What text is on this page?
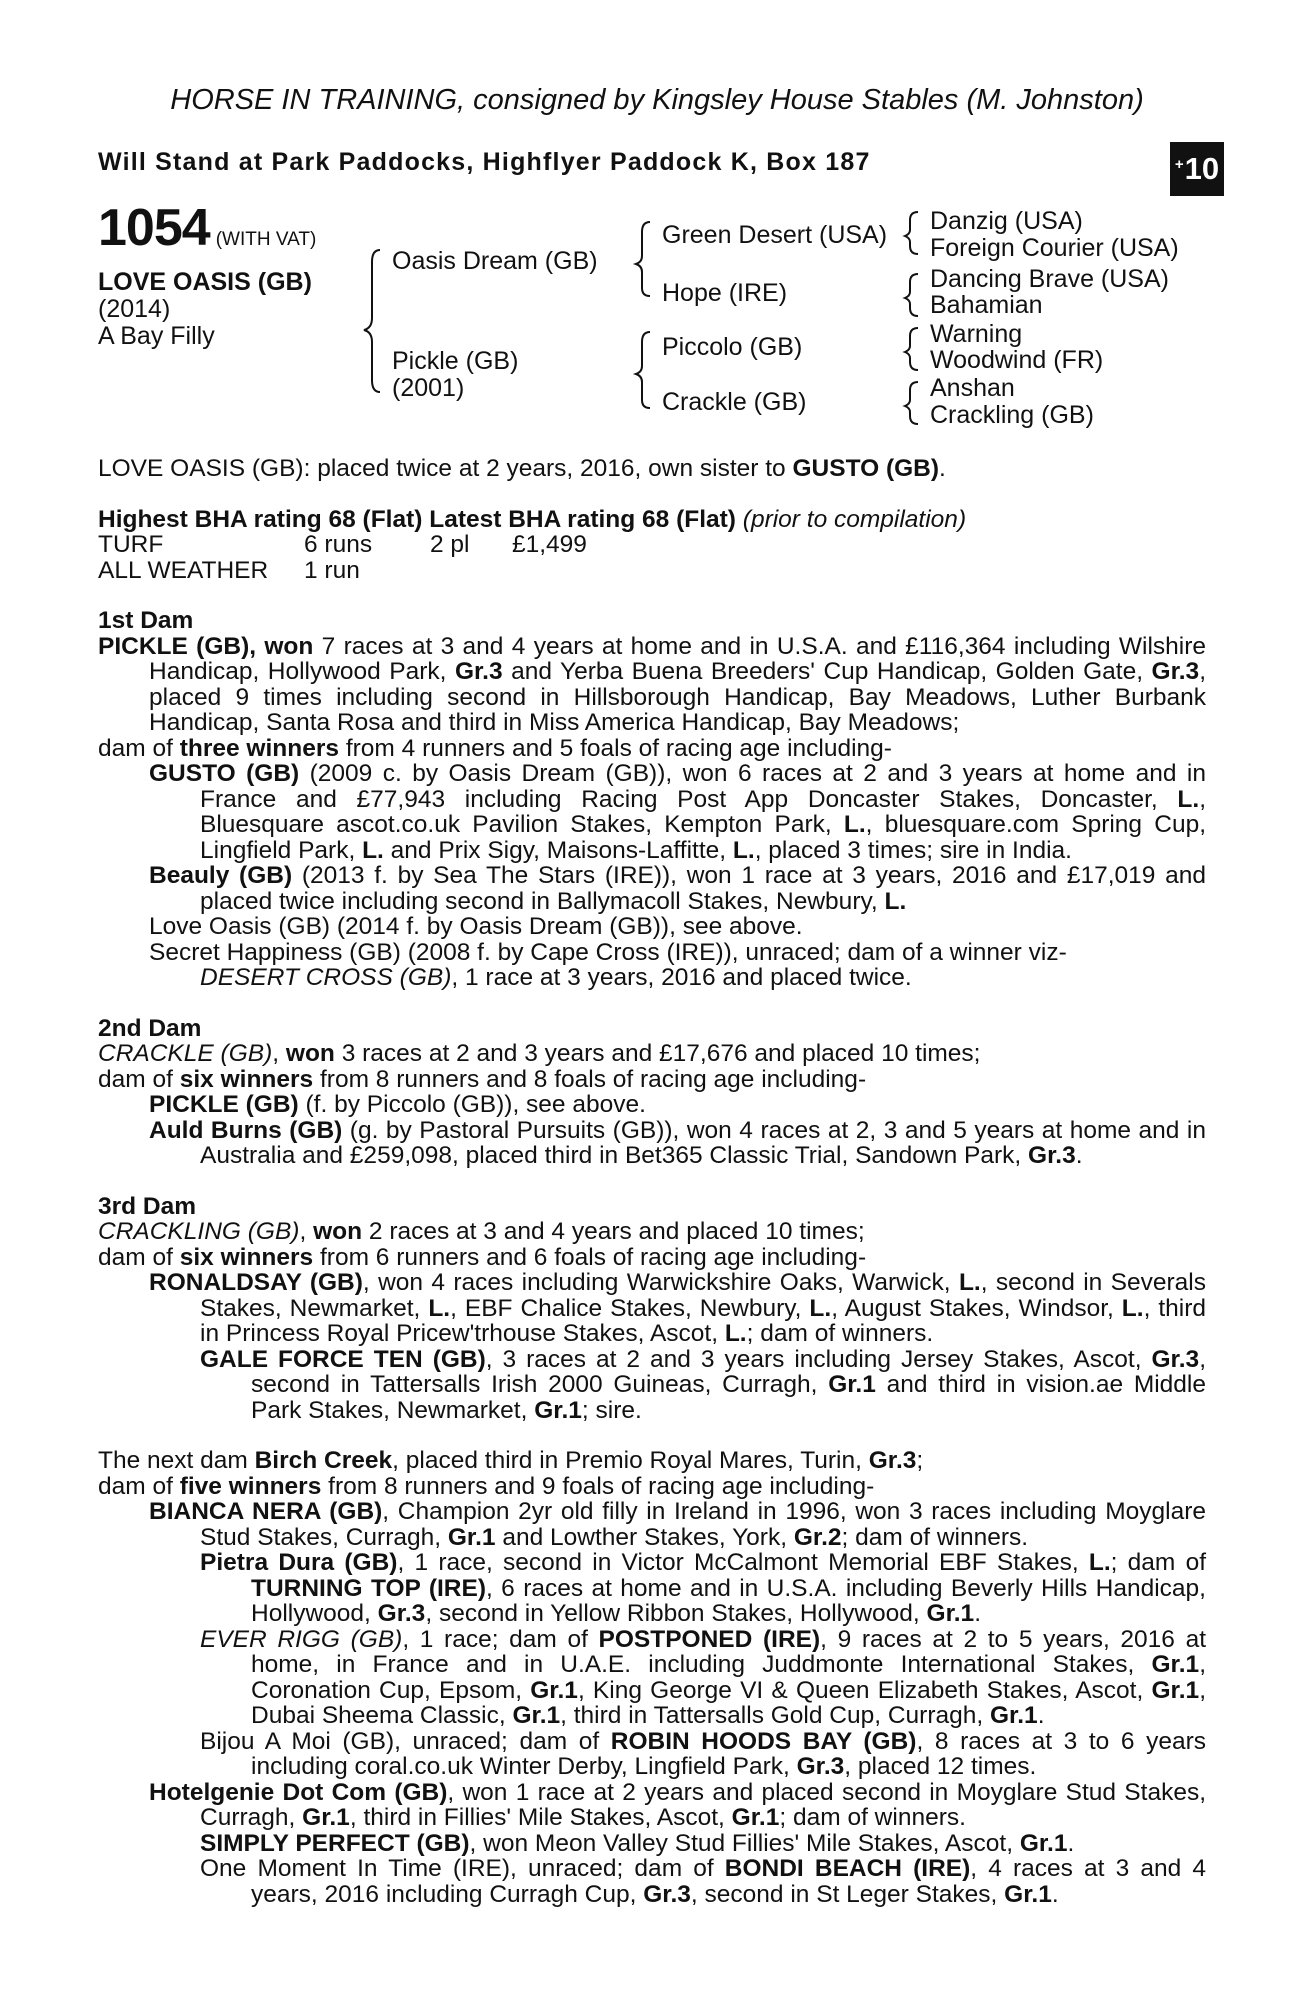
HORSE IN TRAINING, consigned by Kingsley House Stables (M. Johnston)
Will Stand at Park Paddocks, Highflyer Paddock K, Box 187	+ 10
1054 (WITH VAT)
LOVE OASIS (GB)
(2014)
A Bay Filly
Oasis Dream (GB)
Pickle (GB)
(2001)
Green Desert (USA)
Hope (IRE)
Piccolo (GB)
Crackle (GB)
Danzig (USA)
Foreign Courier (USA)
Dancing Brave (USA)
Bahamian
Warning
Woodwind (FR)
Anshan
Crackling (GB)

LOVE OASIS (GB): placed twice at 2 years, 2016, own sister to GUSTO (GB).

Highest BHA rating 68 (Flat) Latest BHA rating 68 (Flat) (prior to compilation)

TURF	6 runs 2 pl £1,499

ALL WEATHER 1 run

1st Dam

PICKLE (GB), won 7 races at 3 and 4 years at home and in U.S.A. and £116,364 including Wilshire Handicap, Hollywood Park, Gr.3 and Yerba Buena Breeders' Cup Handicap, Golden Gate, Gr.3, placed 9 times including second in Hillsborough Handicap, Bay Meadows, Luther Burbank Handicap, Santa Rosa and third in Miss America Handicap, Bay Meadows;

dam of three winners from 4 runners and 5 foals of racing age including-

GUSTO (GB) (2009 c. by Oasis Dream (GB)), won 6 races at 2 and 3 years at home and in France and £77,943 including Racing Post App Doncaster Stakes, Doncaster, L., Bluesquare ascot.co.uk Pavilion Stakes, Kempton Park, L., bluesquare.com Spring Cup, Lingfield Park, L. and Prix Sigy, Maisons-Laffitte, L., placed 3 times; sire in India.

Beauly (GB) (2013 f. by Sea The Stars (IRE)), won 1 race at 3 years, 2016 and £17,019 and placed twice including second in Ballymacoll Stakes, Newbury, L.

Love Oasis (GB) (2014 f. by Oasis Dream (GB)), see above.

Secret Happiness (GB) (2008 f. by Cape Cross (IRE)), unraced; dam of a winner viz-

DESERT CROSS (GB), 1 race at 3 years, 2016 and placed twice.

2nd Dam

CRACKLE (GB), won 3 races at 2 and 3 years and £17,676 and placed 10 times;

dam of six winners from 8 runners and 8 foals of racing age including-

PICKLE (GB) (f. by Piccolo (GB)), see above.

Auld Burns (GB) (g. by Pastoral Pursuits (GB)), won 4 races at 2, 3 and 5 years at home and in Australia and £259,098, placed third in Bet365 Classic Trial, Sandown Park, Gr.3.

3rd Dam

CRACKLING (GB), won 2 races at 3 and 4 years and placed 10 times;

dam of six winners from 6 runners and 6 foals of racing age including-

RONALDSAY (GB), won 4 races including Warwickshire Oaks, Warwick, L., second in Severals Stakes, Newmarket, L., EBF Chalice Stakes, Newbury, L., August Stakes, Windsor, L., third in Princess Royal Pricew'trhouse Stakes, Ascot, L.; dam of winners.

GALE FORCE TEN (GB), 3 races at 2 and 3 years including Jersey Stakes, Ascot, Gr.3, second in Tattersalls Irish 2000 Guineas, Curragh, Gr.1 and third in vision.ae Middle Park Stakes, Newmarket, Gr.1; sire.

The next dam Birch Creek, placed third in Premio Royal Mares, Turin, Gr.3;

dam of five winners from 8 runners and 9 foals of racing age including-

BIANCA NERA (GB), Champion 2yr old filly in Ireland in 1996, won 3 races including Moyglare Stud Stakes, Curragh, Gr.1 and Lowther Stakes, York, Gr.2; dam of winners.

Pietra Dura (GB), 1 race, second in Victor McCalmont Memorial EBF Stakes, L.; dam of TURNING TOP (IRE), 6 races at home and in U.S.A. including Beverly Hills Handicap, Hollywood, Gr.3, second in Yellow Ribbon Stakes, Hollywood, Gr.1.

EVER RIGG (GB), 1 race; dam of POSTPONED (IRE), 9 races at 2 to 5 years, 2016 at home, in France and in U.A.E. including Juddmonte International Stakes, Gr.1, Coronation Cup, Epsom, Gr.1, King George VI & Queen Elizabeth Stakes, Ascot, Gr.1, Dubai Sheema Classic, Gr.1, third in Tattersalls Gold Cup, Curragh, Gr.1.

Bijou A Moi (GB), unraced; dam of ROBIN HOODS BAY (GB), 8 races at 3 to 6 years including coral.co.uk Winter Derby, Lingfield Park, Gr.3, placed 12 times.

Hotelgenie Dot Com (GB), won 1 race at 2 years and placed second in Moyglare Stud Stakes, Curragh, Gr.1, third in Fillies' Mile Stakes, Ascot, Gr.1; dam of winners.

SIMPLY PERFECT (GB), won Meon Valley Stud Fillies' Mile Stakes, Ascot, Gr.1.

One Moment In Time (IRE), unraced; dam of BONDI BEACH (IRE), 4 races at 3 and 4 years, 2016 including Curragh Cup, Gr.3, second in St Leger Stakes, Gr.1.
